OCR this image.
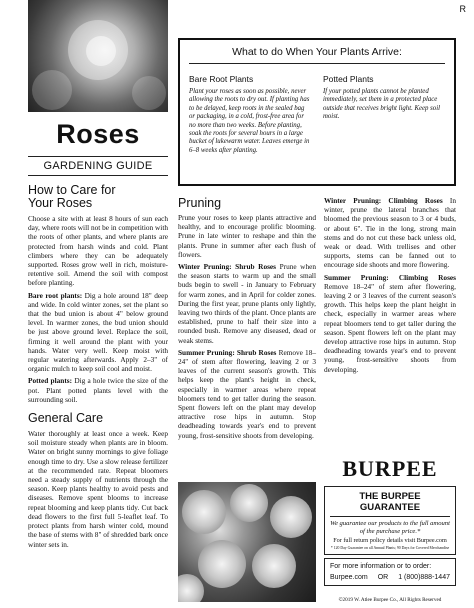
R
Roses
GARDENING GUIDE
How to Care for
Your Roses

Choose a site with at least 8 hours of sun each day, where roots will not be in competition with the roots of other plants, and where plants are protected from harsh winds and cold. Plant climbers where they can be adequately supported. Roses grow well in rich, moisture-retentive soil. Amend the soil with compost before planting.

Bare root plants: Dig a hole around 18" deep and wide. In cold winter zones, set the plant so that the bud union is about 4" below ground level. In warmer zones, the bud union should be just above ground level. Replace the soil, firming it well around the plant with your hands. Water very well. Keep moist with regular watering afterwards. Apply 2–3" of organic mulch to keep soil cool and moist.

Potted plants: Dig a hole twice the size of the pot. Plant potted plants level with the surrounding soil.

General Care

Water thoroughly at least once a week. Keep soil moisture steady when plants are in bloom. Water on bright sunny mornings to give foliage enough time to dry. Use a slow release fertilizer at the recommended rate. Repeat bloomers need a steady supply of nutrients through the season. Keep plants healthy to avoid pests and diseases. Remove spent blooms to increase repeat blooming and keep plants tidy. Cut back dead flowers to the first full 5-leaflet leaf. To protect plants from harsh winter cold, mound the base of stems with 8" of shredded bark once winter sets in.

What to do When Your Plants Arrive:
Bare Root Plants
Plant your roses as soon as possible, never allowing the roots to dry out. If planting has to be delayed, keep roots in the sealed bag or packaging, in a cold, frost-free area for no more than two weeks. Before planting, soak the roots for several hours in a large bucket of lukewarm water. Leaves emerge in 6–8 weeks after planting.
Potted Plants
If your potted plants cannot be planted immediately, set them in a protected place outside that receives bright light. Keep soil moist.
Pruning

Prune your roses to keep plants attractive and healthy, and to encourage prolific blooming. Prune in late winter to reshape and thin the plants. Prune in summer after each flush of flowers.

Winter Pruning: Shrub Roses Prune when the season starts to warm up and the small buds begin to swell - in January to February for warm zones, and in April for colder zones. During the first year, prune plants only lightly, leaving two thirds of the plant. Once plants are established, prune to half their size into a rounded bush. Remove any diseased, dead or weak stems.

Summer Pruning: Shrub Roses Remove 18–24" of stem after flowering, leaving 2 or 3 leaves of the current season's growth. This helps keep the plant's height in check, especially in warmer areas where repeat bloomers tend to get taller during the season. Spent flowers left on the plant may develop attractive rose hips in autumn. Stop deadheading towards year's end to prevent young, frost-sensitive shoots from developing.

Winter Pruning: Climbing Roses In winter, prune the lateral branches that bloomed the previous season to 3 or 4 buds, or about 6". Tie in the long, strong main stems and do not cut these back unless old, weak or dead. With trellises and other supports, stems can be fanned out to encourage side shoots and more flowering.

Summer Pruning: Climbing Roses Remove 18–24" of stem after flowering, leaving 2 or 3 leaves of the current season's growth. This helps keep the plant height in check, especially in warmer areas where repeat bloomers tend to get taller during the season. Spent flowers left on the plant may develop attractive rose hips in autumn. Stop deadheading towards year's end to prevent young, frost-sensitive shoots from developing.

BURPEE
THE BURPEE GUARANTEE
We guarantee our products to the full amount of the purchase price.*
For full return policy details visit Burpee.com
* 120 Day Guarantee on all Annual Plants; 90 Days for Covered Merchandise
For more information or to order:
Burpee.com OR 1 (800)888-1447
©2019 W. Atlee Burpee Co., All Rights Reserved
